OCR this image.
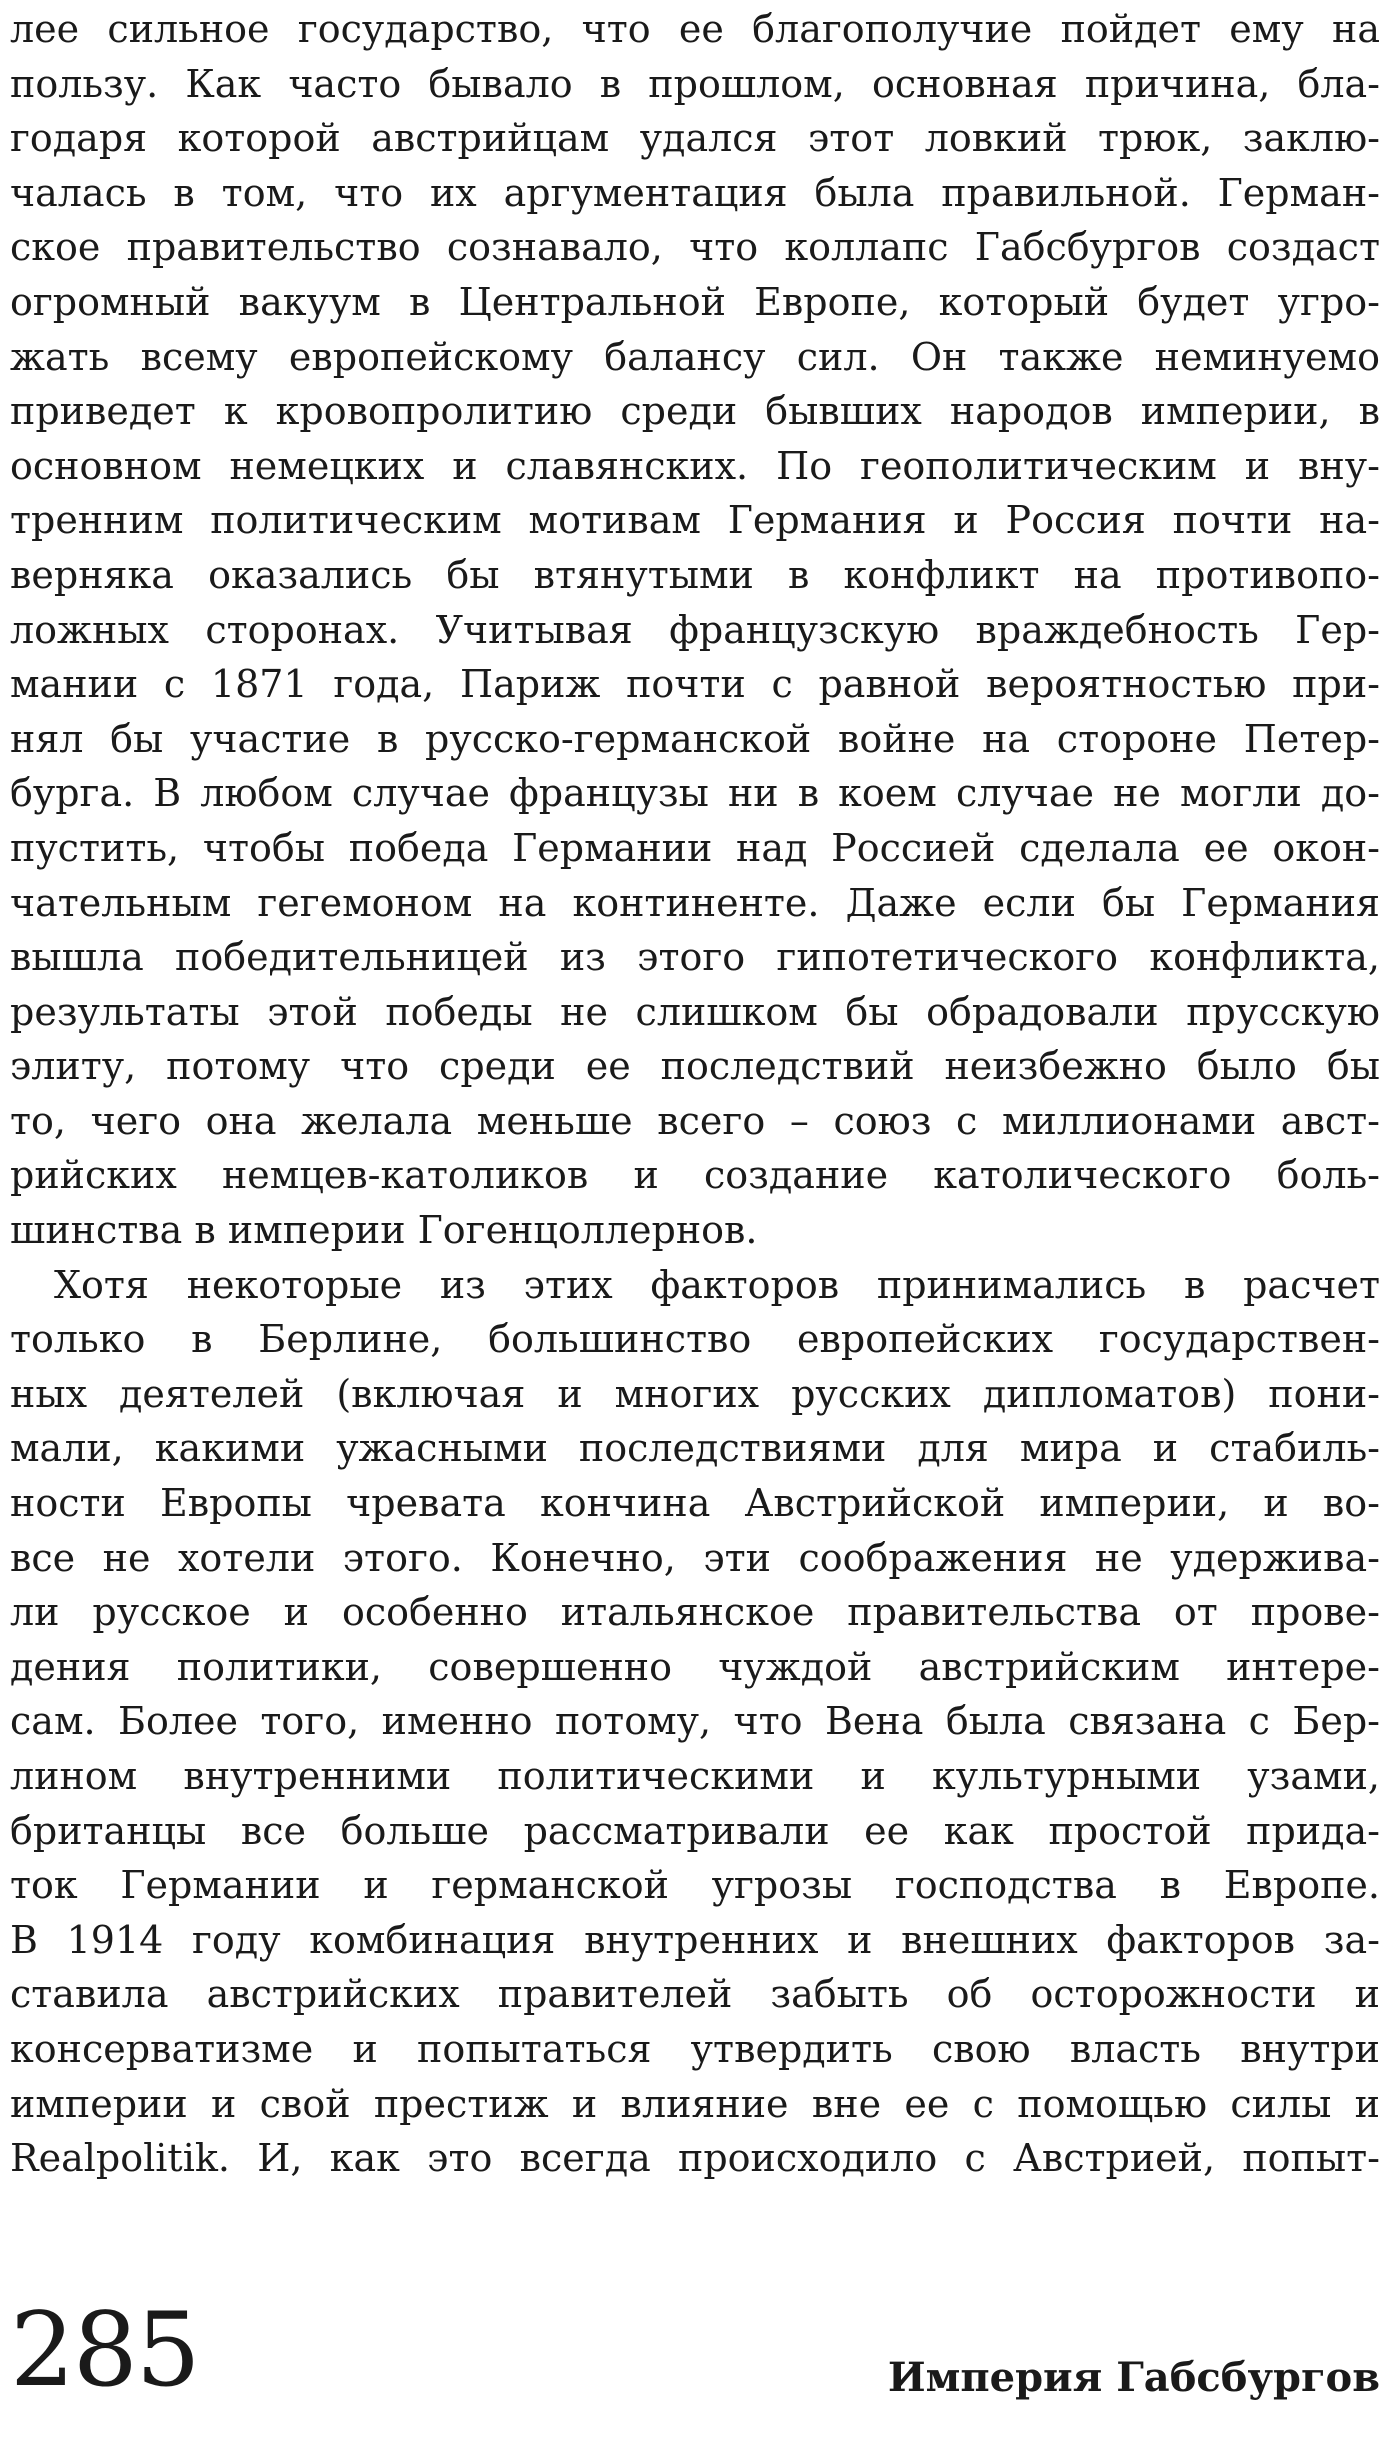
лее сильное государство, что ее благополучие пойдет ему на
пользу. Как часто бывало в прошлом, основная причина, бла-
годаря которой австрийцам удался этот ловкий трюк, заклю-
чалась в том, что их аргументация была правильной. Герман-
ское правительство сознавало, что коллапс Габсбургов создаст
огромный вакуум в Центральной Европе, который будет угро-
жать всему европейскому балансу сил. Он также неминуемо
приведет к кровопролитию среди бывших народов империи, в
основном немецких и славянских. По геополитическим и вну-
тренним политическим мотивам Германия и Россия почти на-
верняка оказались бы втянутыми в конфликт на противопо-
ложных сторонах. Учитывая французскую враждебность Гер-
мании с 1871 года, Париж почти с равной вероятностью при-
нял бы участие в русско-германской войне на стороне Петер-
бурга. В любом случае французы ни в коем случае не могли до-
пустить, чтобы победа Германии над Россией сделала ее окон-
чательным гегемоном на континенте. Даже если бы Германия
вышла победительницей из этого гипотетического конфликта,
результаты этой победы не слишком бы обрадовали прусскую
элиту, потому что среди ее последствий неизбежно было бы
то, чего она желала меньше всего – союз с миллионами авст-
рийских немцев-католиков и создание католического боль-
шинства в империи Гогенцоллернов.
Хотя некоторые из этих факторов принимались в расчет
только в Берлине, большинство европейских государствен-
ных деятелей (включая и многих русских дипломатов) пони-
мали, какими ужасными последствиями для мира и стабиль-
ности Европы чревата кончина Австрийской империи, и во-
все не хотели этого. Конечно, эти соображения не удержива-
ли русское и особенно итальянское правительства от прове-
дения политики, совершенно чуждой австрийским интере-
сам. Более того, именно потому, что Вена была связана с Бер-
лином внутренними политическими и культурными узами,
британцы все больше рассматривали ее как простой прида-
ток Германии и германской угрозы господства в Европе.
В 1914 году комбинация внутренних и внешних факторов за-
ставила австрийских правителей забыть об осторожности и
консерватизме и попытаться утвердить свою власть внутри
империи и свой престиж и влияние вне ее с помощью силы и
Realpolitik. И, как это всегда происходило с Австрией, попыт-
285	Империя Габсбургов
